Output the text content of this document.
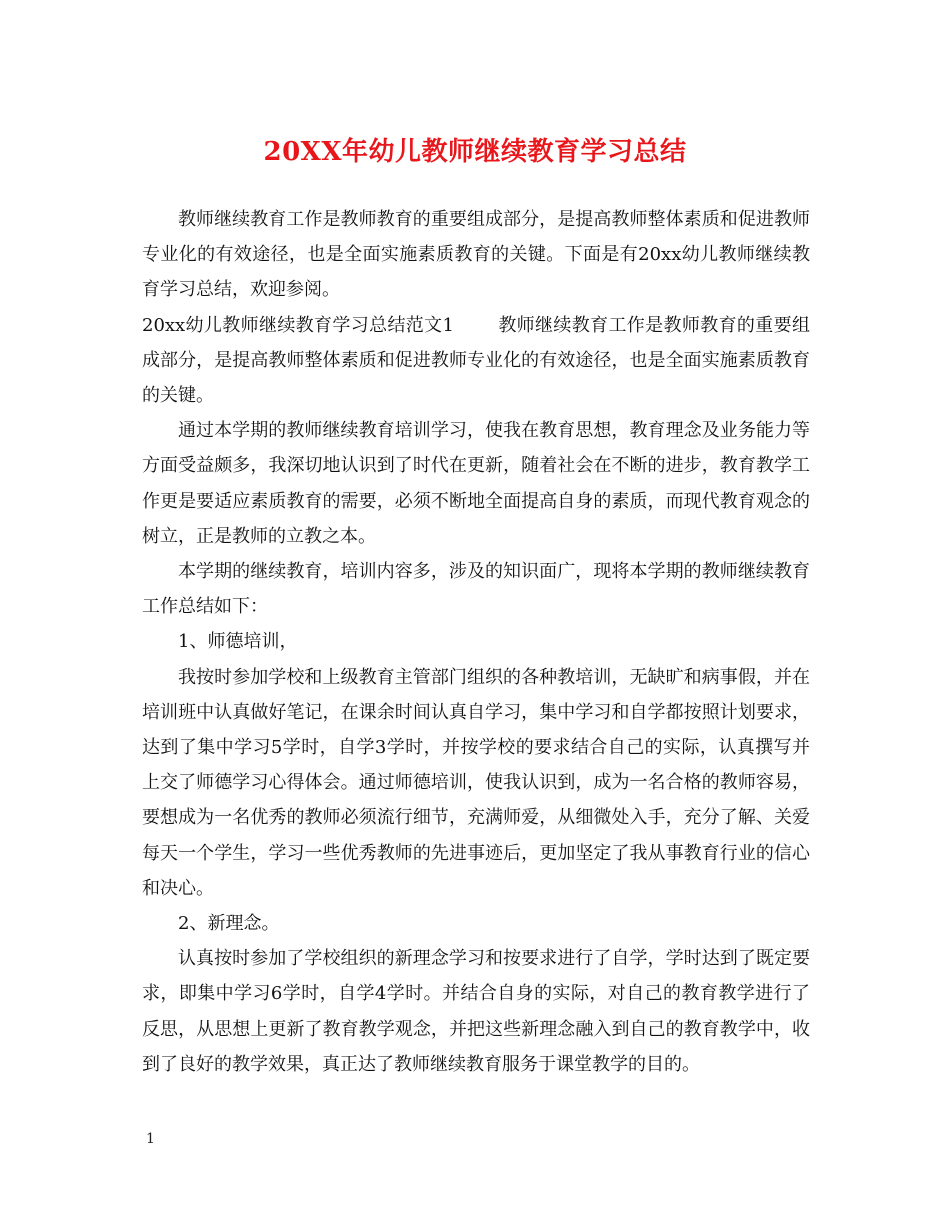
20XX年幼儿教师继续教育学习总结

教师继续教育工作是教师教育的重要组成部分，是提高教师整体素质和促进教师专业化的有效途径，也是全面实施素质教育的关键。下面是有20xx幼儿教师继续教育学习总结，欢迎参阅。

20xx幼儿教师继续教育学习总结范文1 教师继续教育工作是教师教育的重要组成部分，是提高教师整体素质和促进教师专业化的有效途径，也是全面实施素质教育的关键。

通过本学期的教师继续教育培训学习，使我在教育思想，教育理念及业务能力等方面受益颇多，我深切地认识到了时代在更新，随着社会在不断的进步，教育教学工作更是要适应素质教育的需要，必须不断地全面提高自身的素质，而现代教育观念的树立，正是教师的立教之本。

本学期的继续教育，培训内容多，涉及的知识面广，现将本学期的教师继续教育工作总结如下：

1、师德培训，

我按时参加学校和上级教育主管部门组织的各种教培训，无缺旷和病事假，并在培训班中认真做好笔记，在课余时间认真自学习，集中学习和自学都按照计划要求，达到了集中学习5学时，自学3学时，并按学校的要求结合自己的实际，认真撰写并上交了师德学习心得体会。通过师德培训，使我认识到，成为一名合格的教师容易，要想成为一名优秀的教师必须流行细节，充满师爱，从细微处入手，充分了解、关爱每天一个学生，学习一些优秀教师的先进事迹后，更加坚定了我从事教育行业的信心和决心。

2、新理念。

认真按时参加了学校组织的新理念学习和按要求进行了自学，学时达到了既定要求，即集中学习6学时，自学4学时。并结合自身的实际，对自己的教育教学进行了反思，从思想上更新了教育教学观念，并把这些新理念融入到自己的教育教学中，收到了良好的教学效果，真正达了教师继续教育服务于课堂教学的目的。

1
